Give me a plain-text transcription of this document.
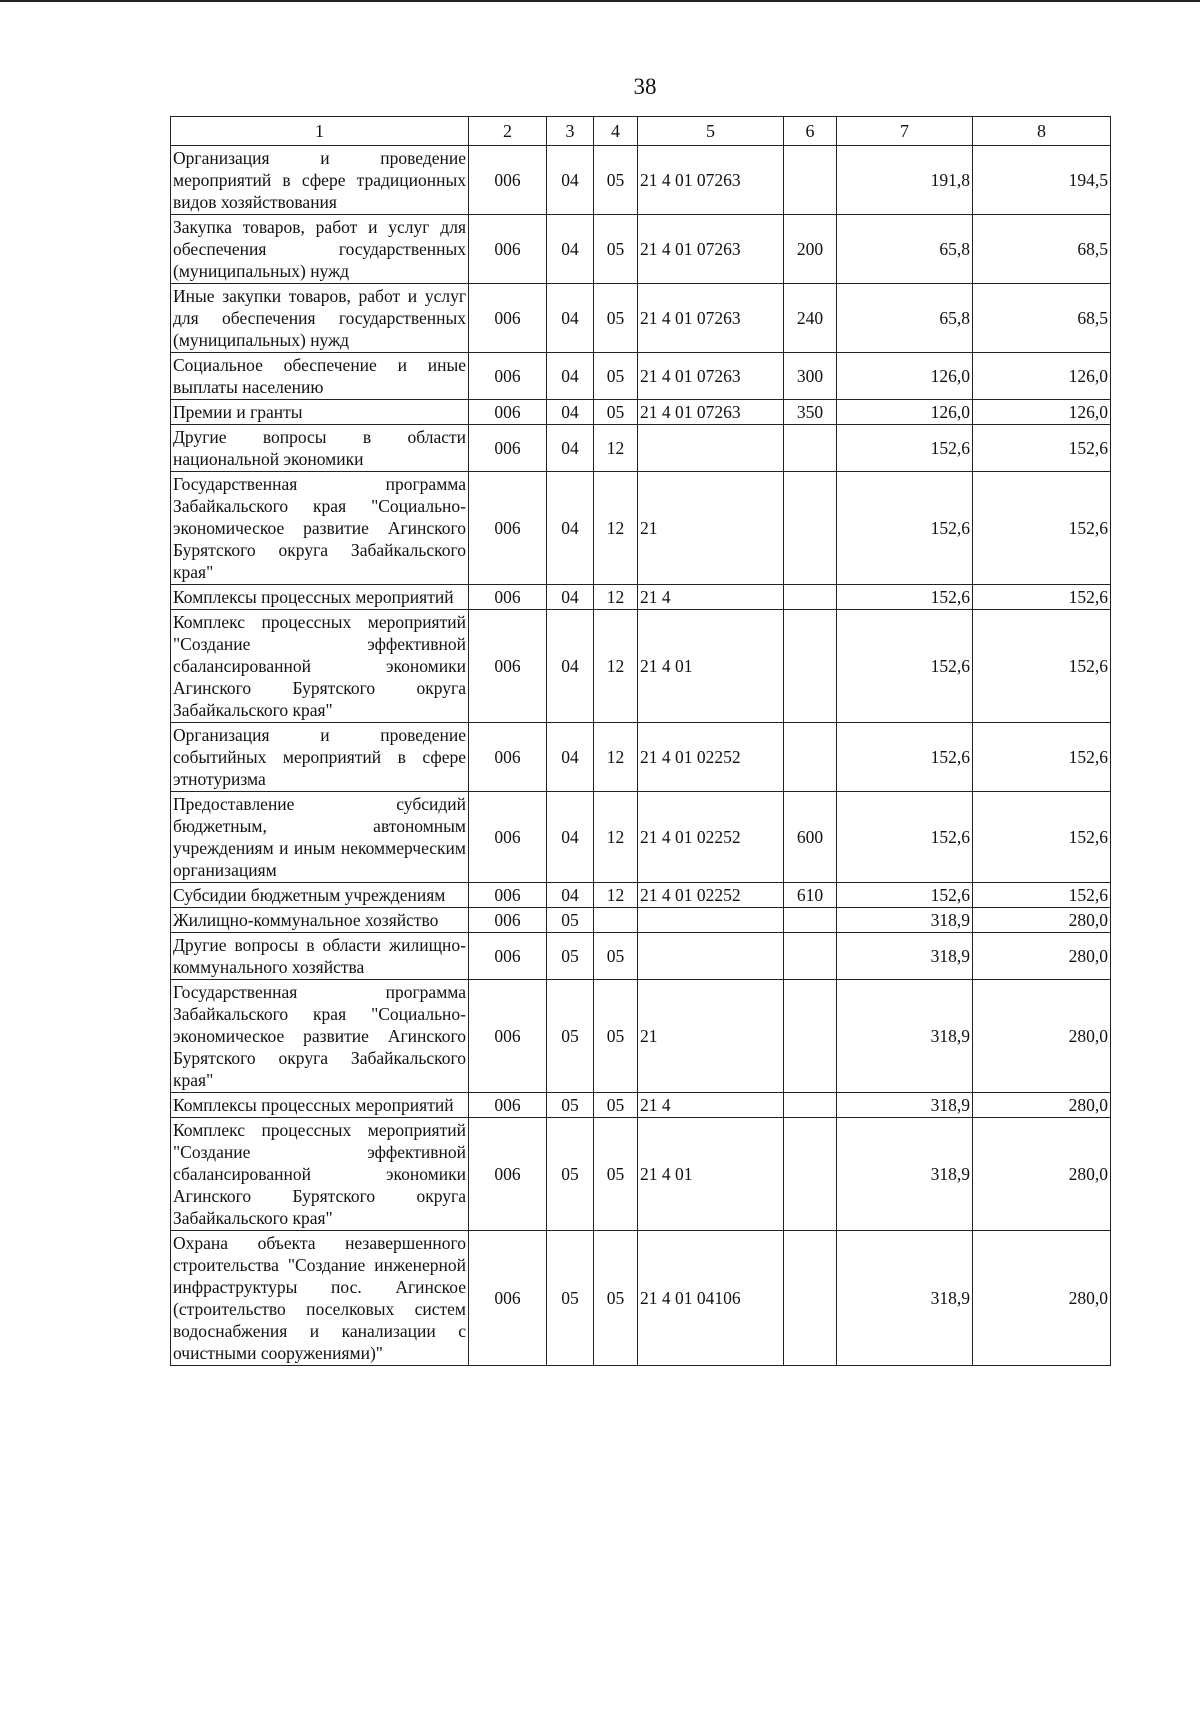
38
1	2	3	4	5	6	7	8
Организация и проведение мероприятий в сфере традиционных видов хозяйствования	006	04	05	21 4 01 07263		191,8	194,5
Закупка товаров, работ и услуг для обеспечения государственных (муниципальных) нужд	006	04	05	21 4 01 07263	200	65,8	68,5
Иные закупки товаров, работ и услуг для обеспечения государственных (муниципальных) нужд	006	04	05	21 4 01 07263	240	65,8	68,5
Социальное обеспечение и иные выплаты населению	006	04	05	21 4 01 07263	300	126,0	126,0
Премии и гранты	006	04	05	21 4 01 07263	350	126,0	126,0
Другие вопросы в области национальной экономики	006	04	12			152,6	152,6
Государственная программа Забайкальского края "Социально-экономическое развитие Агинского Бурятского округа Забайкальского края"	006	04	12	21		152,6	152,6
Комплексы процессных мероприятий	006	04	12	21 4		152,6	152,6
Комплекс процессных мероприятий "Создание эффективной сбалансированной экономики Агинского Бурятского округа Забайкальского края"	006	04	12	21 4 01		152,6	152,6
Организация и проведение событийных мероприятий в сфере этнотуризма	006	04	12	21 4 01 02252		152,6	152,6
Предоставление субсидий бюджетным, автономным учреждениям и иным некоммерческим организациям	006	04	12	21 4 01 02252	600	152,6	152,6
Субсидии бюджетным учреждениям	006	04	12	21 4 01 02252	610	152,6	152,6
Жилищно-коммунальное хозяйство	006	05				318,9	280,0
Другие вопросы в области жилищно-коммунального хозяйства	006	05	05			318,9	280,0
Государственная программа Забайкальского края "Социально-экономическое развитие Агинского Бурятского округа Забайкальского края"	006	05	05	21		318,9	280,0
Комплексы процессных мероприятий	006	05	05	21 4		318,9	280,0
Комплекс процессных мероприятий "Создание эффективной сбалансированной экономики Агинского Бурятского округа Забайкальского края"	006	05	05	21 4 01		318,9	280,0
Охрана объекта незавершенного строительства "Создание инженерной инфраструктуры пос. Агинское (строительство поселковых систем водоснабжения и канализации с очистными сооружениями)"	006	05	05	21 4 01 04106		318,9	280,0
